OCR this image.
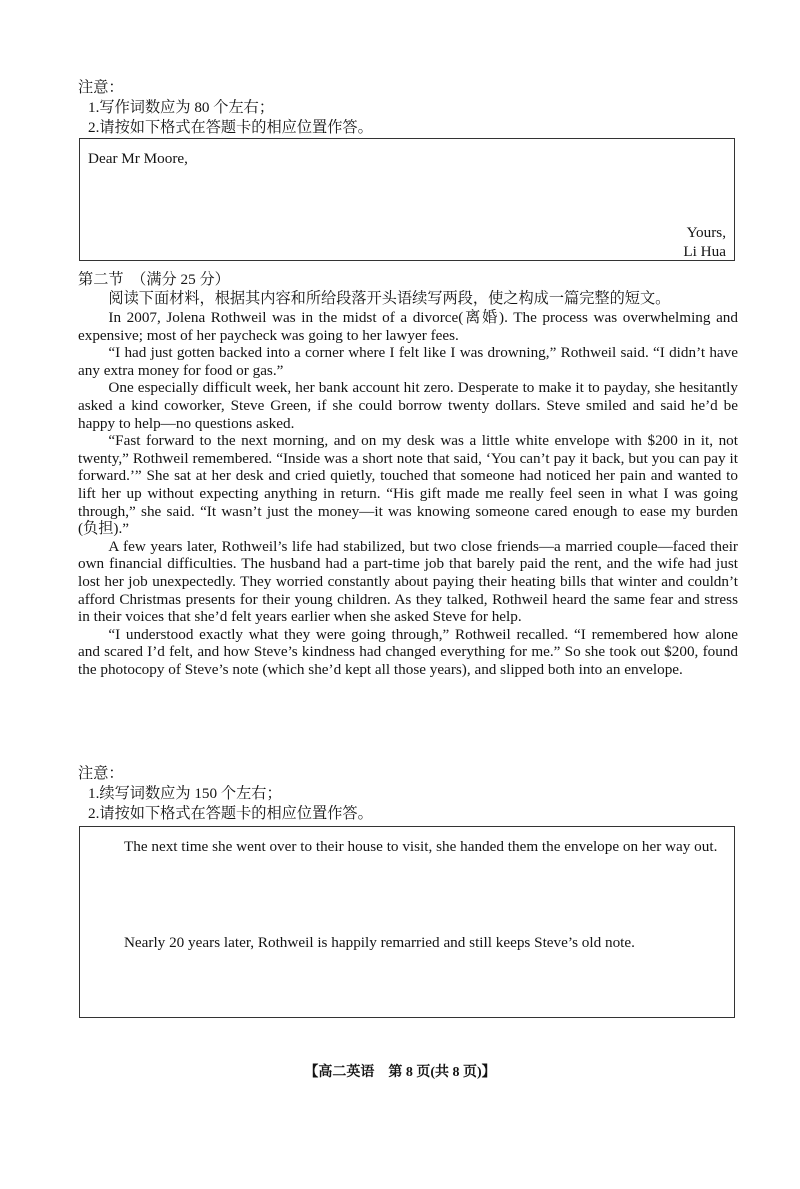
注意：

1.写作词数应为 80 个左右；

2.请按如下格式在答题卡的相应位置作答。

Dear Mr Moore,
Yours,
Li Hua

第二节　（满分 25 分）

阅读下面材料，根据其内容和所给段落开头语续写两段，使之构成一篇完整的短文。

In 2007, Jolena Rothweil was in the midst of a divorce(离婚). The process was overwhelming and expensive; most of her paycheck was going to her lawyer fees.

“I had just gotten backed into a corner where I felt like I was drowning,” Rothweil said. “I didn’t have any extra money for food or gas.”

One especially difficult week, her bank account hit zero. Desperate to make it to payday, she hesitantly asked a kind coworker, Steve Green, if she could borrow twenty dollars. Steve smiled and said he’d be happy to help—no questions asked.

“Fast forward to the next morning, and on my desk was a little white envelope with $200 in it, not twenty,” Rothweil remembered. “Inside was a short note that said, ‘You can’t pay it back, but you can pay it forward.’” She sat at her desk and cried quietly, touched that someone had noticed her pain and wanted to lift her up without expecting anything in return. “His gift made me really feel seen in what I was going through,” she said. “It wasn’t just the money—it was knowing someone cared enough to ease my burden (负担).”

A few years later, Rothweil’s life had stabilized, but two close friends—a married couple—faced their own financial difficulties. The husband had a part-time job that barely paid the rent, and the wife had just lost her job unexpectedly. They worried constantly about paying their heating bills that winter and couldn’t afford Christmas presents for their young children. As they talked, Rothweil heard the same fear and stress in their voices that she’d felt years earlier when she asked Steve for help.

“I understood exactly what they were going through,” Rothweil recalled. “I remembered how alone and scared I’d felt, and how Steve’s kindness had changed everything for me.” So she took out $200, found the photocopy of Steve’s note (which she’d kept all those years), and slipped both into an envelope.

注意：

1.续写词数应为 150 个左右；

2.请按如下格式在答题卡的相应位置作答。

The next time she went over to their house to visit, she handed them the envelope on her way out.

Nearly 20 years later, Rothweil is happily remarried and still keeps Steve’s old note.

【高二英语　第 8 页(共 8 页)】
